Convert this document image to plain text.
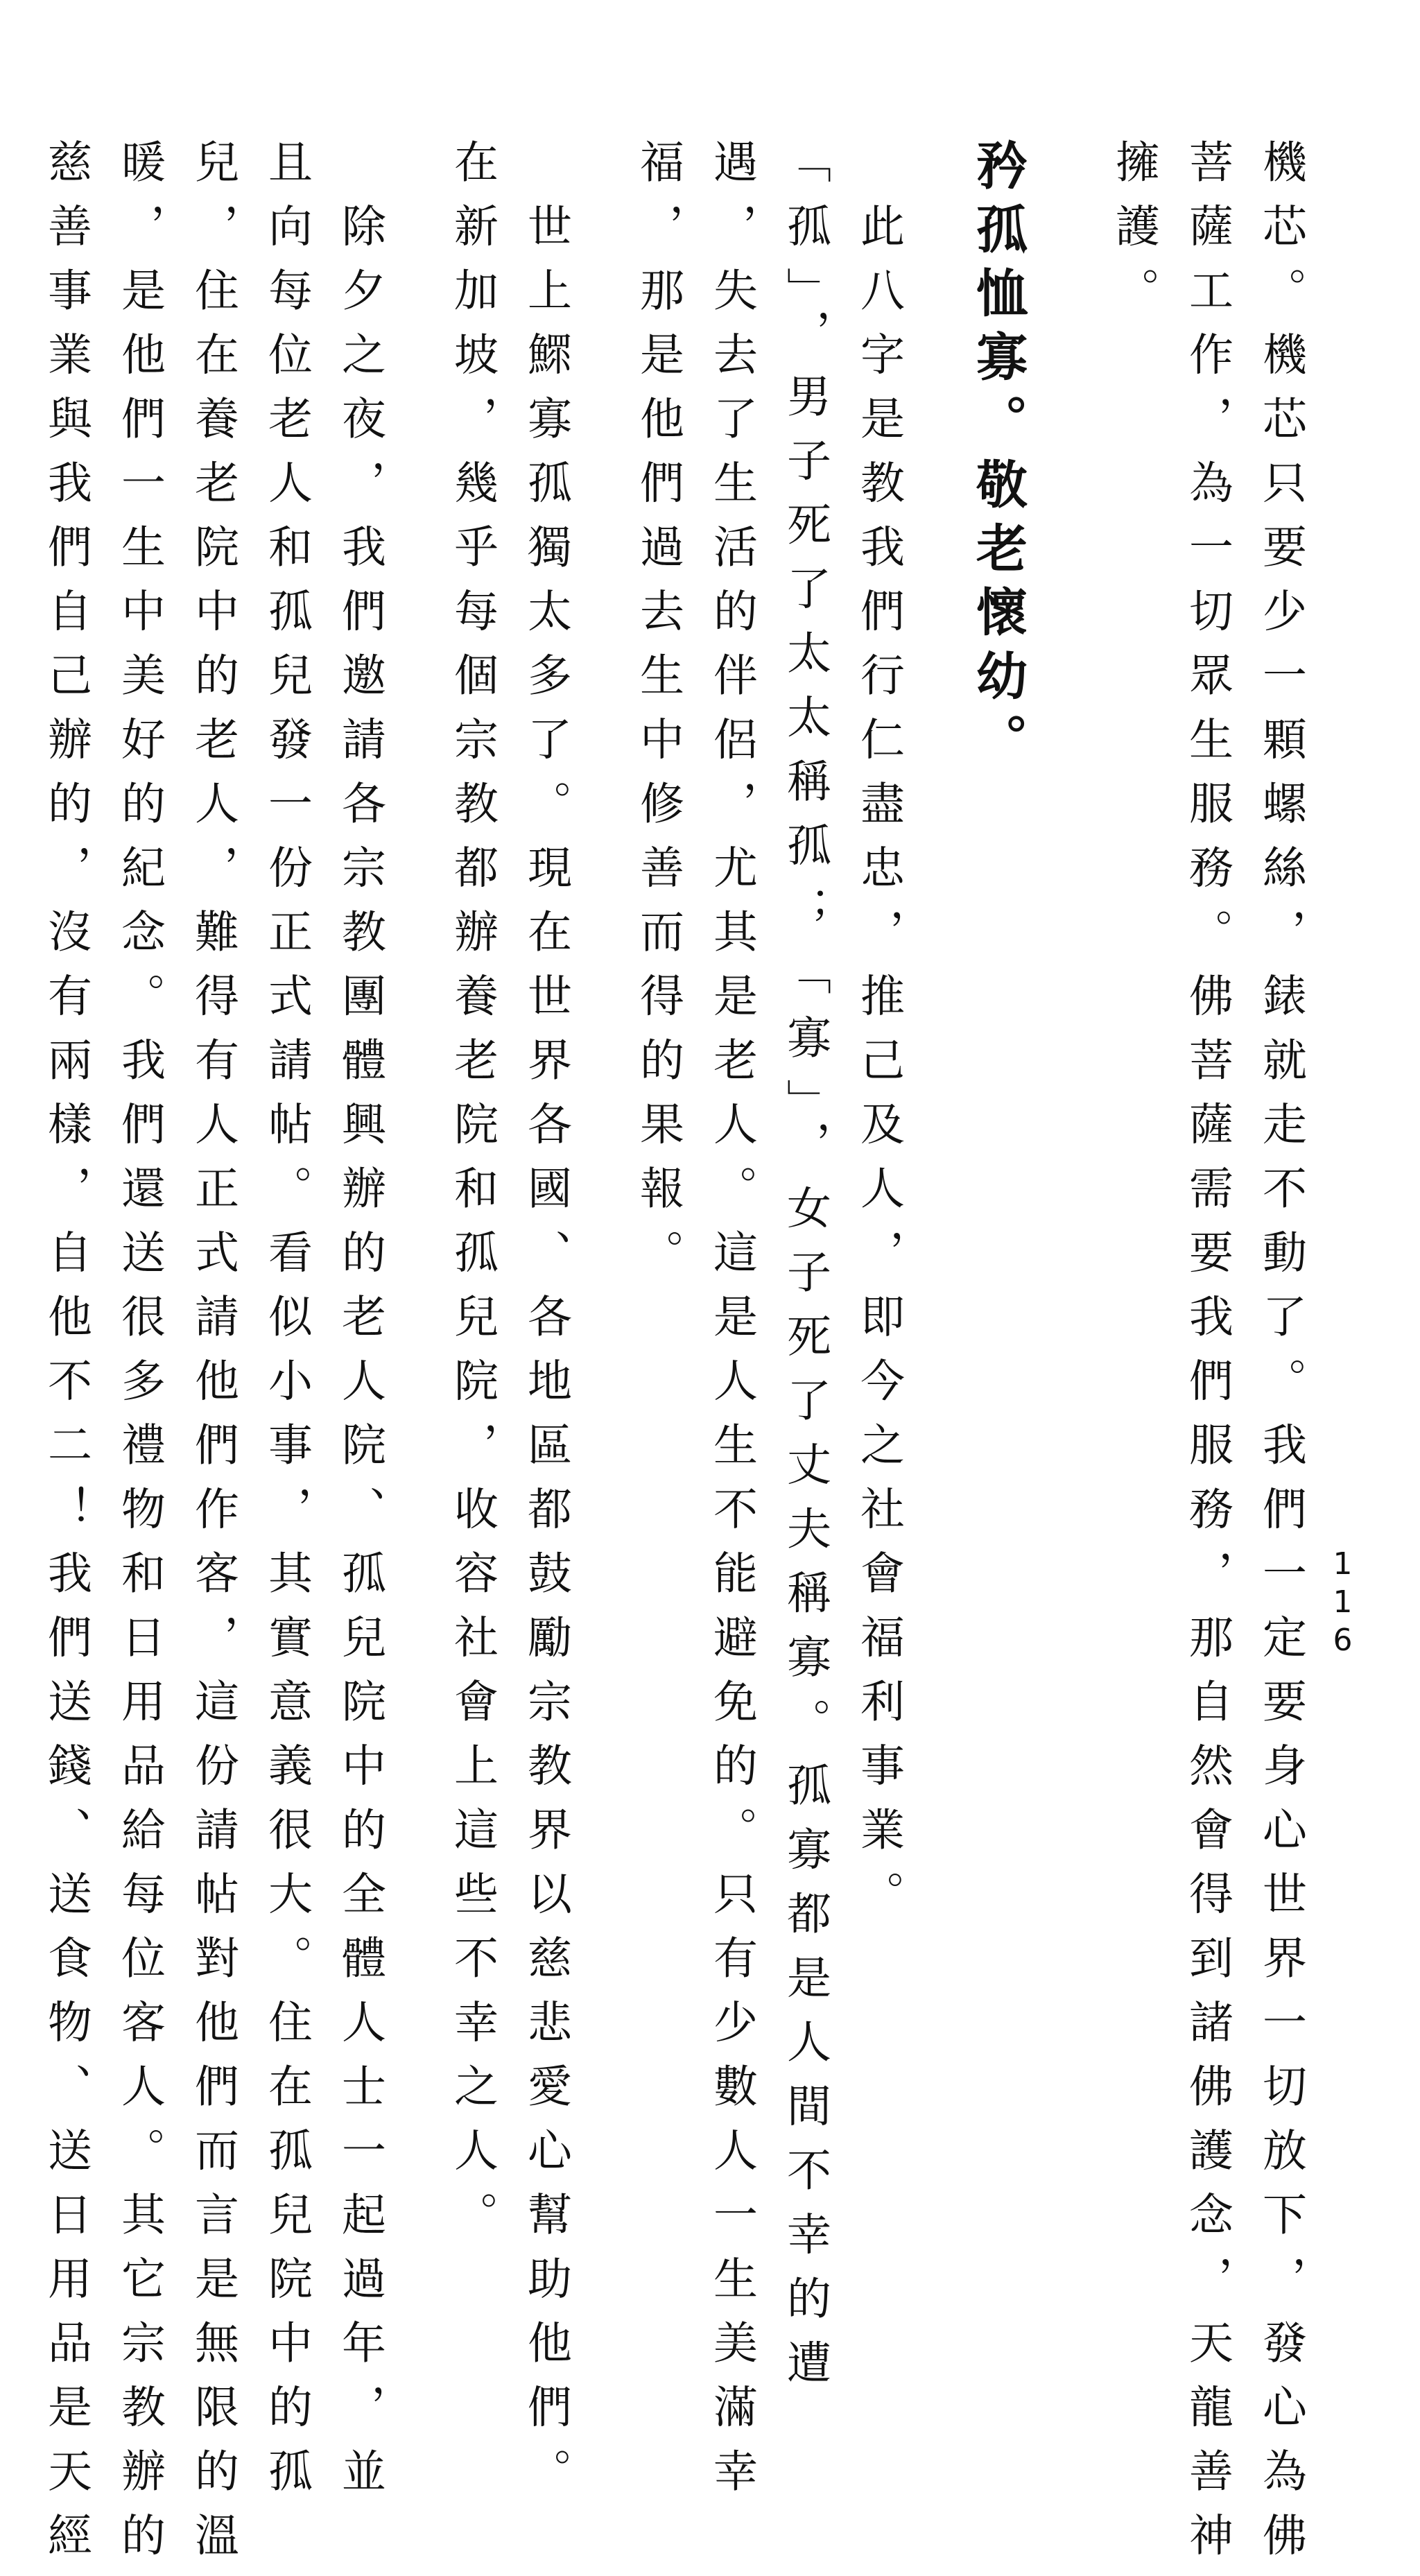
116
機芯。機芯只要少一顆螺絲，錶就走不動了。我們一定要身心世界一切放下，發心為佛
菩薩工作，為一切眾生服務。佛菩薩需要我們服務，那自然會得到諸佛護念，天龍善神
擁護。
矜孤恤寡。敬老懷幼。
　此八字是教我們行仁盡忠，推己及人，即今之社會福利事業。
「孤」，男子死了太太稱孤；「寡」，女子死了丈夫稱寡。孤寡都是人間不幸的遭
遇，失去了生活的伴侶，尤其是老人。這是人生不能避免的。只有少數人一生美滿幸
福，那是他們過去生中修善而得的果報。
　世上鰥寡孤獨太多了。現在世界各國、各地區都鼓勵宗教界以慈悲愛心幫助他們。
在新加坡，幾乎每個宗教都辦養老院和孤兒院，收容社會上這些不幸之人。
　除夕之夜，我們邀請各宗教團體興辦的老人院、孤兒院中的全體人士一起過年，並
且向每位老人和孤兒發一份正式請帖。看似小事，其實意義很大。住在孤兒院中的孤
兒，住在養老院中的老人，難得有人正式請他們作客，這份請帖對他們而言是無限的溫
暖，是他們一生中美好的紀念。我們還送很多禮物和日用品給每位客人。其它宗教辦的
慈善事業與我們自己辦的，沒有兩樣，自他不二！我們送錢、送食物、送日用品是天經
